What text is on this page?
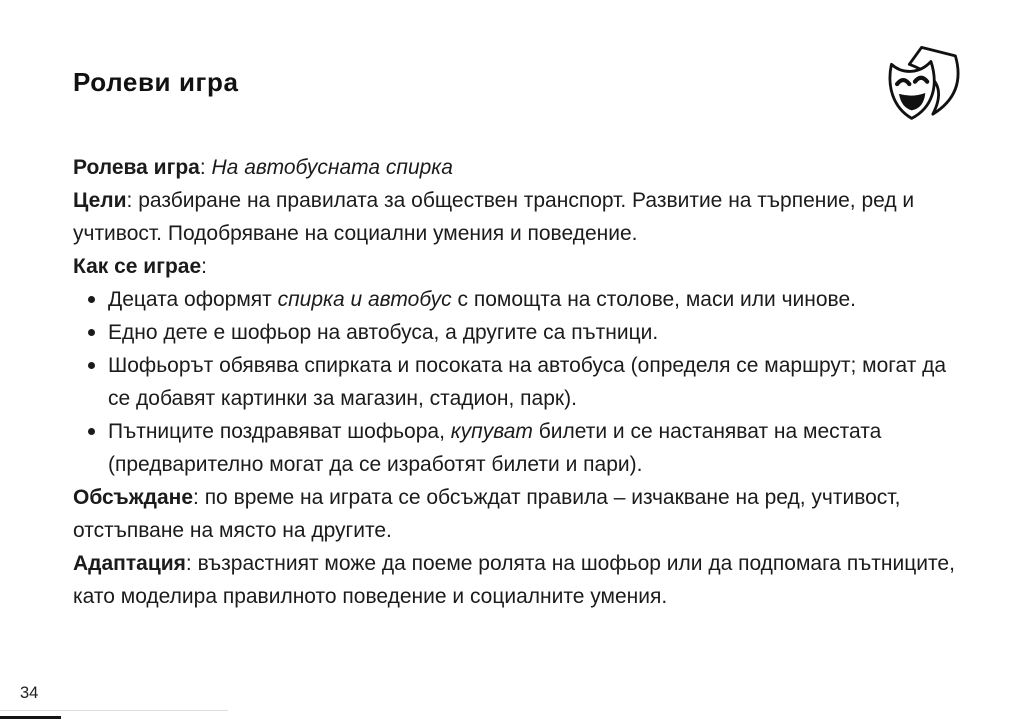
Ролеви игра

Ролева игра: На автобусната спирка

Цели: разбиране на правилата за обществен транспорт. Развитие на търпение, ред и учтивост. Подобряване на социални умения и поведение.

Как се играе:

Децата оформят спирка и автобус с помощта на столове, маси или чинове.
Едно дете е шофьор на автобуса, а другите са пътници.
Шофьорът обявява спирката и посоката на автобуса (определя се маршрут; могат да се добавят картинки за магазин, стадион, парк).
Пътниците поздравяват шофьора, купуват билети и се настаняват на местата (предварително могат да се изработят билети и пари).

Обсъждане: по време на играта се обсъждат правила – изчакване на ред, учтивост, отстъпване на място на другите.

Адаптация: възрастният може да поеме ролята на шофьор или да подпомага пътниците, като моделира правилното поведение и социалните умения.

34
